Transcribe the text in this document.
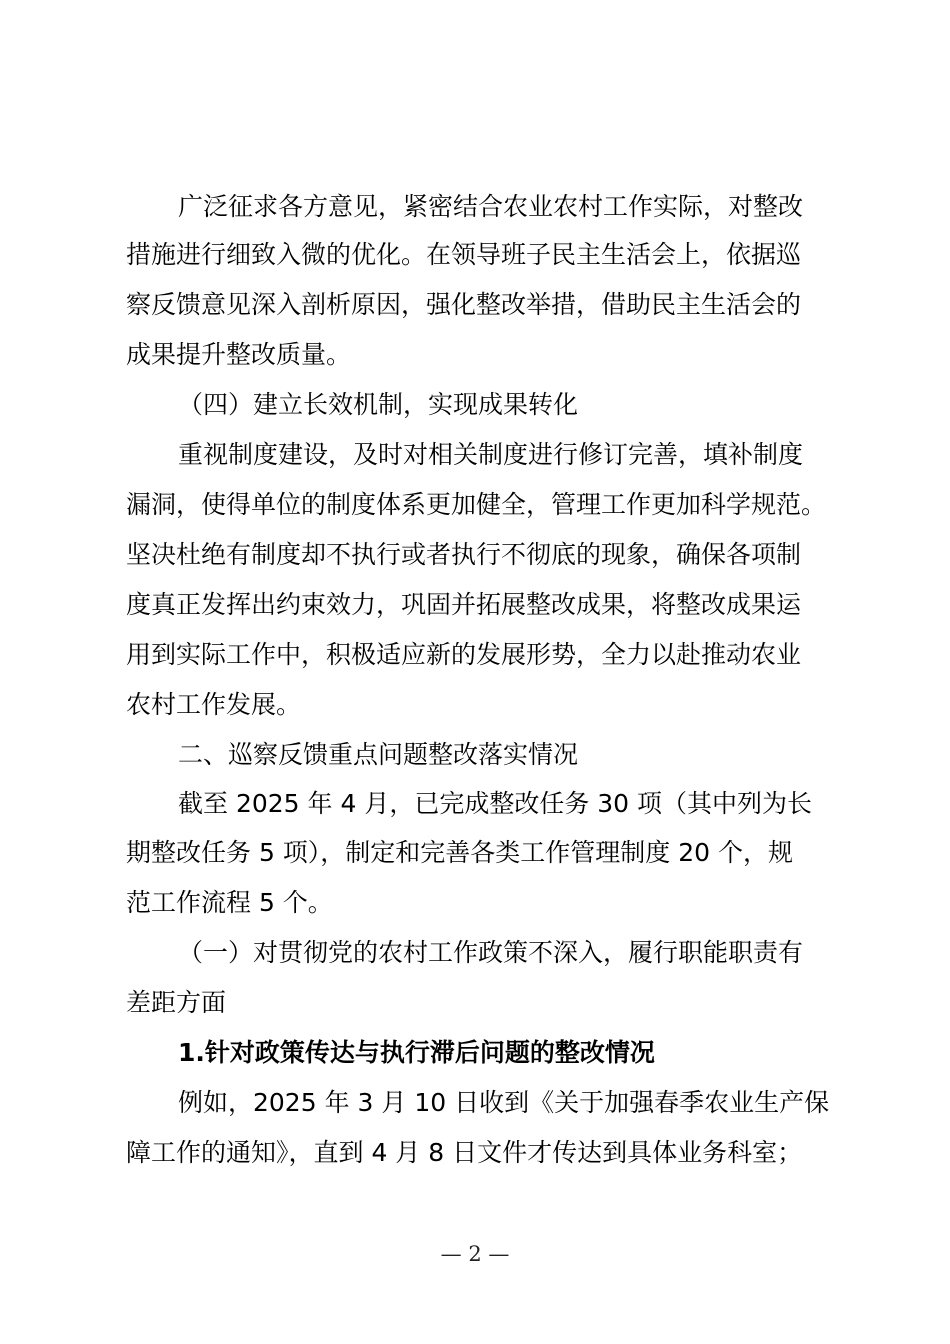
广泛征求各方意见，紧密结合农业农村工作实际，对整改
措施进行细致入微的优化。在领导班子民主生活会上，依据巡
察反馈意见深入剖析原因，强化整改举措，借助民主生活会的
成果提升整改质量。
（四）建立长效机制，实现成果转化
重视制度建设，及时对相关制度进行修订完善，填补制度
漏洞，使得单位的制度体系更加健全，管理工作更加科学规范。
坚决杜绝有制度却不执行或者执行不彻底的现象，确保各项制
度真正发挥出约束效力，巩固并拓展整改成果，将整改成果运
用到实际工作中，积极适应新的发展形势，全力以赴推动农业
农村工作发展。
二、巡察反馈重点问题整改落实情况
截至 2025 年 4 月，已完成整改任务 30 项（其中列为长
期整改任务 5 项），制定和完善各类工作管理制度 20 个，规
范工作流程 5 个。
（一）对贯彻党的农村工作政策不深入，履行职能职责有
差距方面
1.针对政策传达与执行滞后问题的整改情况
例如，2025 年 3 月 10 日收到《关于加强春季农业生产保
障工作的通知》，直到 4 月 8 日文件才传达到具体业务科室；
— 2 —
